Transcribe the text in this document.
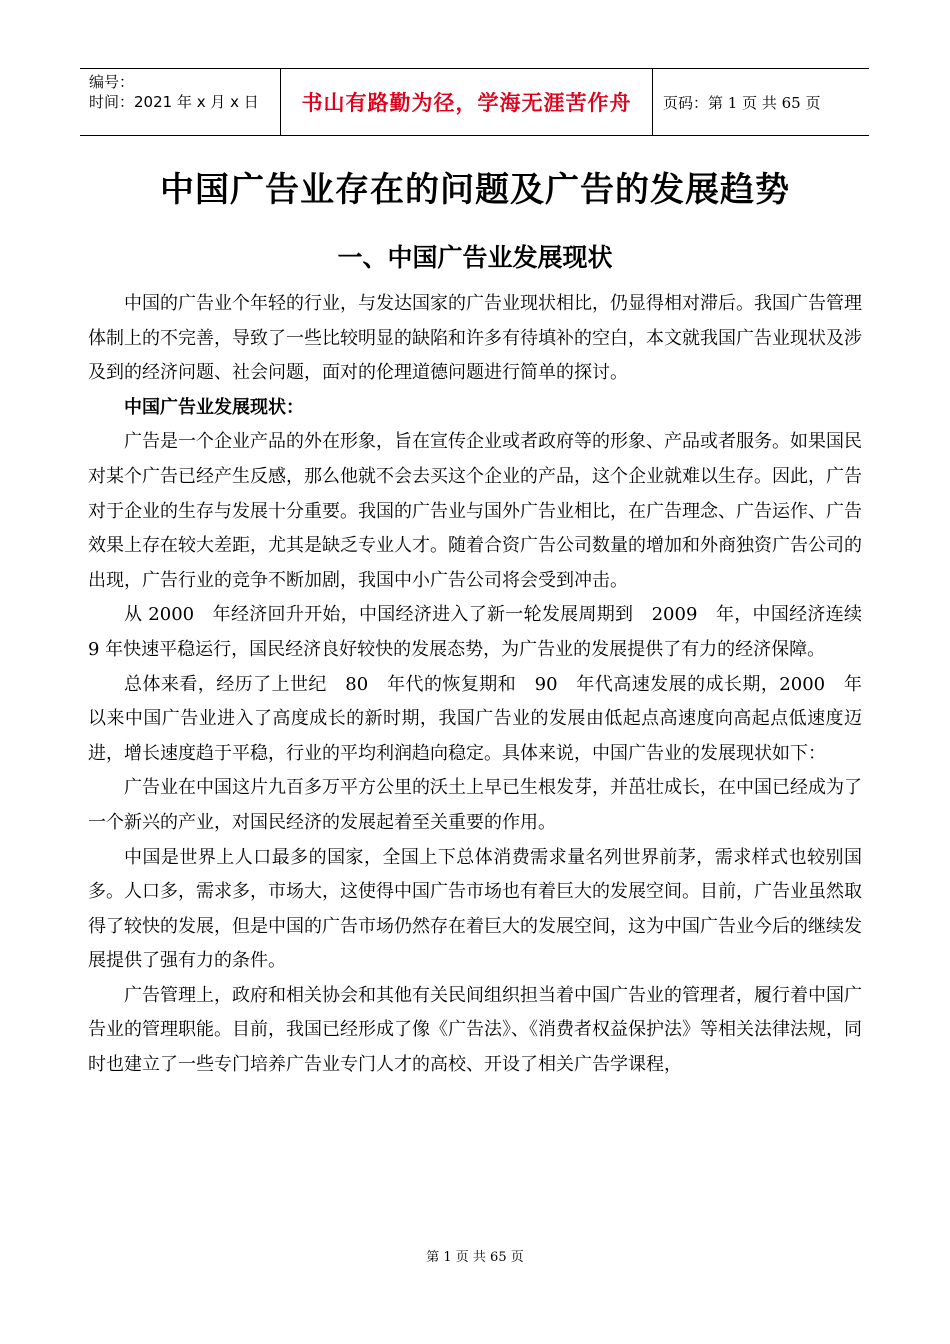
编号：
时间：2021 年 x 月 x 日	书山有路勤为径，学海无涯苦作舟 页码：第 1 页 共 65 页
中国广告业存在的问题及广告的发展趋势
一、中国广告业发展现状

中国的广告业个年轻的行业，与发达国家的广告业现状相比，仍显得相对滞后。我国广告管理体制上的不完善，导致了一些比较明显的缺陷和许多有待填补的空白，本文就我国广告业现状及涉及到的经济问题、社会问题，面对的伦理道德问题进行简单的探讨。

中国广告业发展现状：

广告是一个企业产品的外在形象，旨在宣传企业或者政府等的形象、产品或者服务。如果国民对某个广告已经产生反感，那么他就不会去买这个企业的产品，这个企业就难以生存。因此，广告对于企业的生存与发展十分重要。我国的广告业与国外广告业相比，在广告理念、广告运作、广告效果上存在较大差距，尤其是缺乏专业人才。随着合资广告公司数量的增加和外商独资广告公司的出现，广告行业的竞争不断加剧，我国中小广告公司将会受到冲击。

从 2000　年经济回升开始，中国经济进入了新一轮发展周期到　2009　年，中国经济连续 9 年快速平稳运行，国民经济良好较快的发展态势，为广告业的发展提供了有力的经济保障。

总体来看，经历了上世纪　80　年代的恢复期和　90　年代高速发展的成长期，2000　年以来中国广告业进入了高度成长的新时期，我国广告业的发展由低起点高速度向高起点低速度迈进，增长速度趋于平稳，行业的平均利润趋向稳定。具体来说，中国广告业的发展现状如下：

广告业在中国这片九百多万平方公里的沃土上早已生根发芽，并茁壮成长，在中国已经成为了一个新兴的产业，对国民经济的发展起着至关重要的作用。

中国是世界上人口最多的国家，全国上下总体消费需求量名列世界前茅，需求样式也较别国多。人口多，需求多，市场大，这使得中国广告市场也有着巨大的发展空间。目前，广告业虽然取得了较快的发展，但是中国的广告市场仍然存在着巨大的发展空间，这为中国广告业今后的继续发展提供了强有力的条件。

广告管理上，政府和相关协会和其他有关民间组织担当着中国广告业的管理者，履行着中国广告业的管理职能。目前，我国已经形成了像《广告法》、《消费者权益保护法》等相关法律法规，同时也建立了一些专门培养广告业专门人才的高校、开设了相关广告学课程，

第 1 页 共 65 页
